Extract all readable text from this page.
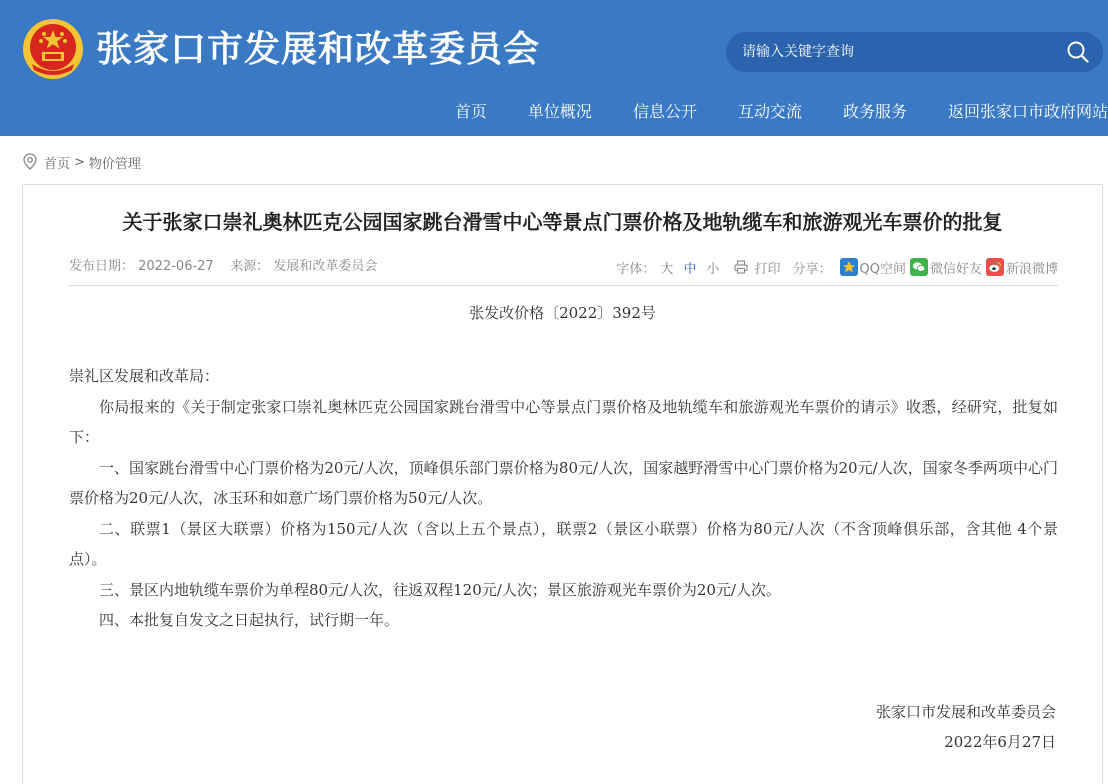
张家口市发展和改革委员会
请输入关键字查询
首页	单位概况	信息公开	互动交流	政务服务	返回张家口市政府网站
首页 > 物价管理
关于张家口崇礼奥林匹克公园国家跳台滑雪中心等景点门票价格及地轨缆车和旅游观光车票价的批复
发布日期： 2022-06-27 来源： 发展和改革委员会	字体： 大 中 小	打印 分享： QQ空间 微信好友 新浪微博
张发改价格〔2022〕392号

崇礼区发展和改革局：

你局报来的《关于制定张家口崇礼奥林匹克公园国家跳台滑雪中心等景点门票价格及地轨缆车和旅游观光车票价的请示》收悉，经研究，批复如下：

一、国家跳台滑雪中心门票价格为20元/人次，顶峰俱乐部门票价格为80元/人次，国家越野滑雪中心门票价格为20元/人次，国家冬季两项中心门票价格为20元/人次，冰玉环和如意广场门票价格为50元/人次。

二、联票1（景区大联票）价格为150元/人次（含以上五个景点），联票2（景区小联票）价格为80元/人次（不含顶峰俱乐部，含其他 4个景点）。

三、景区内地轨缆车票价为单程80元/人次，往返双程120元/人次；景区旅游观光车票价为20元/人次。

四、本批复自发文之日起执行，试行期一年。

张家口市发展和改革委员会
2022年6月27日
